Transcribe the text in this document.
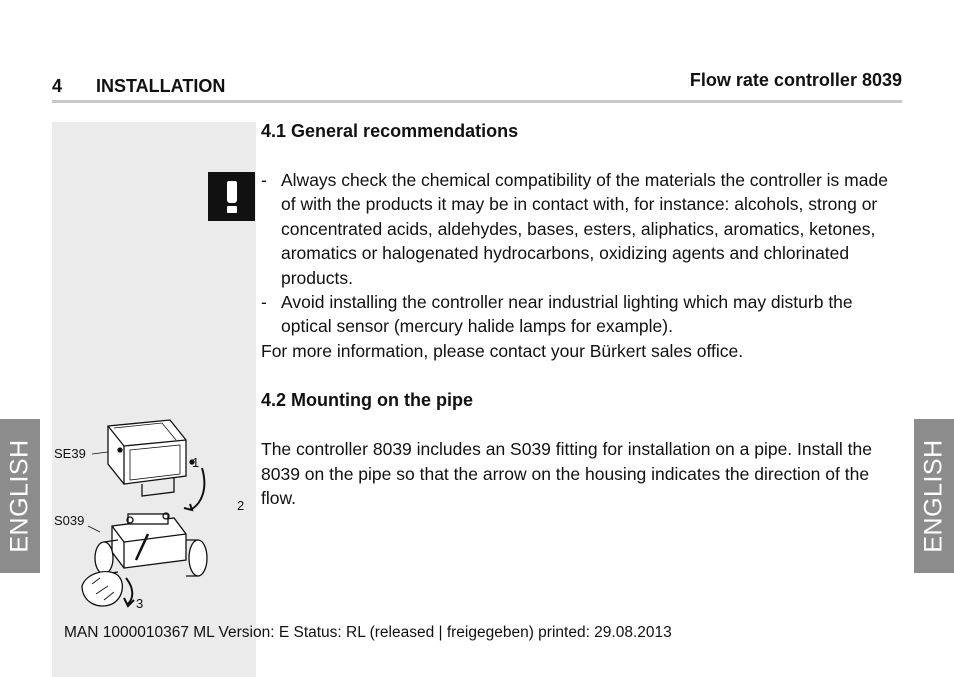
4 INSTALLATION	Flow rate controller 8039
ENGLISH	ENGLISH
4.1 General recommendations
- Always check the chemical compatibility of the materials the controller is made of with the products it may be in contact with, for instance: alcohols, strong or concentrated acids, aldehydes, bases, esters, aliphatics, aromatics, ketones, aromatics or halogenated hydrocarbons, oxidizing agents and chlorinated products.

- Avoid installing the controller near industrial lighting which may disturb the optical sensor (mercury halide lamps for example).

For more information, please contact your Bürkert sales office.

4.2 Mounting on the pipe

The controller 8039 includes an S039 fitting for installation on a pipe. Install the 8039 on the pipe so that the arrow on the housing indicates the direction of the flow.

SE39
S039
1
2
3
MAN 1000010367 ML Version: E Status: RL (released | freigegeben) printed: 29.08.2013
